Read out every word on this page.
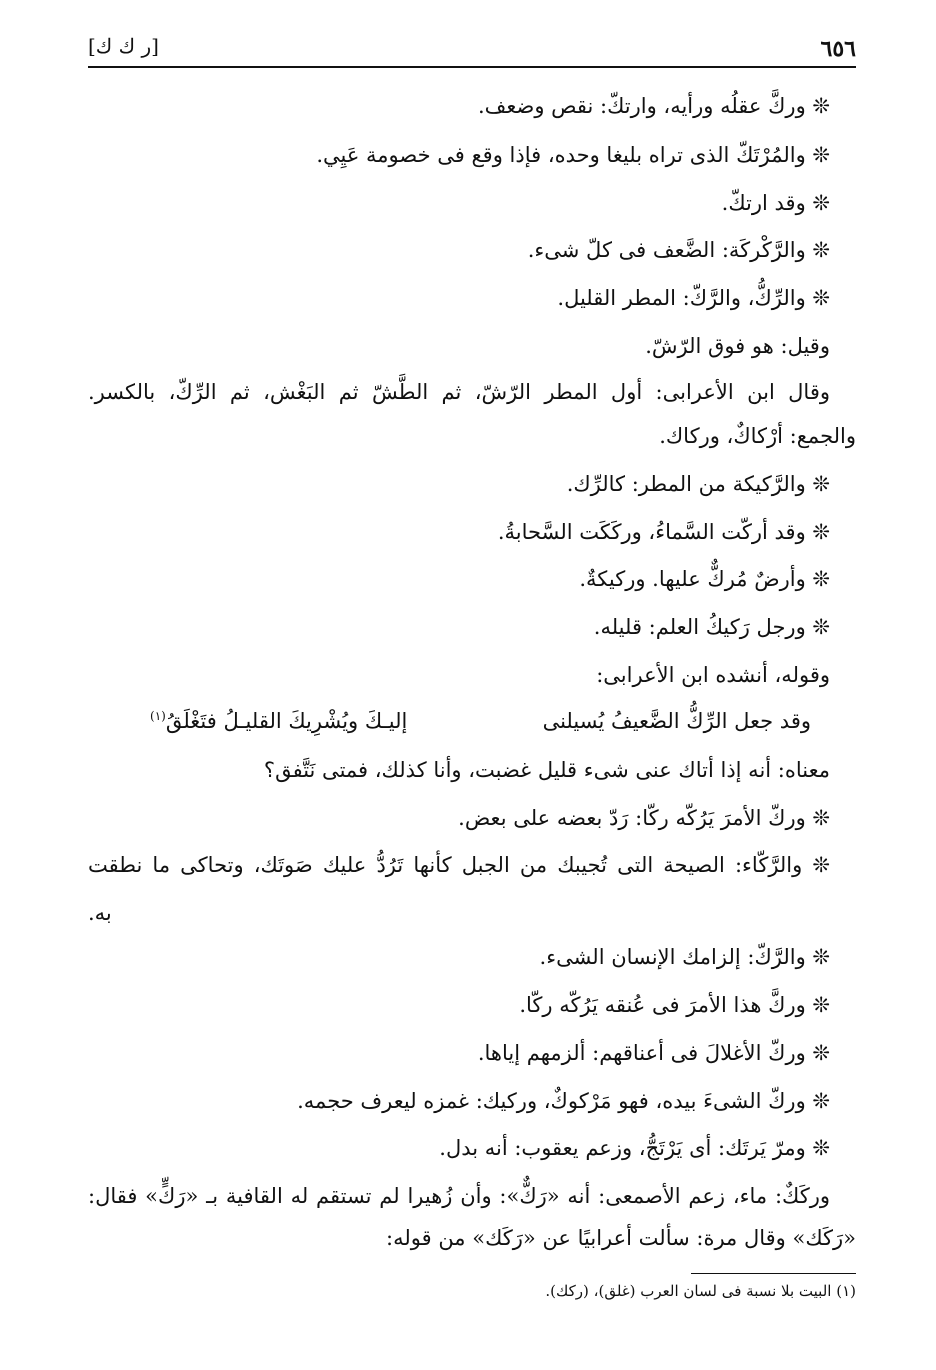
٦٥٦
[ر ك ك]
❊ وركَّ عقلُه ورأيه، وارتكّ: نقص وضعف.
❊ والمُرْتَكّ الذى تراه بليغا وحده، فإذا وقع فى خصومة عَيِي.
❊ وقد ارتكّ.
❊ والرَّكْركَة: الضَّعف فى كلّ شىء.
❊ والرِّكُّ، والرَّكّ: المطر القليل.
وقيل: هو فوق الرّشّ.
وقال ابن الأعرابى: أول المطر الرّشّ، ثم الطَّشّ ثم البَغْش، ثم الرِّكّ، بالكسر.
والجمع: أرْكاكٌ، وركاك.
❊ والرَّكيكة من المطر: كالرِّك.
❊ وقد أركّت السَّماءُ، وركَكَت السَّحابةُ.
❊ وأرضٌ مُركٌّ عليها. وركيكةٌ.
❊ ورجل رَكيكُ العلم: قليله.
وقوله، أنشده ابن الأعرابى:
وقد جعل الرِّكُّ الضَّعيفُ يُسيلنى
إليـكَ ويُشْرِيكَ القليـلُ فتَغْلَقُ$^{(١)}$
معناه: أنه إذا أتاك عنى شىء قليل غضبت، وأنا كذلك، فمتى نَتَّفق؟
❊ وركّ الأمرَ يَرُكّه ركّا: رَدّ بعضه على بعض.
❊ والرَّكّاء: الصيحة التى تُجيبك من الجبل كأنها تَرُدُّ عليك صَوتَك، وتحاكى ما نطقت
به.
❊ والرَّكّ: إلزامك الإنسان الشىء.
❊ وركَّ هذا الأمرَ فى عُنقه يَرُكّه ركّا.
❊ وركّ الأغلالَ فى أعناقهم: ألزمهم إياها.
❊ وركّ الشىءَ بيده، فهو مَرْكوكٌ، وركيك: غمزه ليعرف حجمه.
❊ ومرّ يَرتَك: أى يَرْتَجُّ، وزعم يعقوب: أنه بدل.
وركَكٌ: ماء، زعم الأصمعى: أنه «رَكٌّ»: وأن زُهيرا لم تستقم له القافية بـ «رَكٍّ» فقال:
«رَكَك» وقال مرة: سألت أعرابيًا عن «رَكَك» من قوله:
(١) البيت بلا نسبة فى لسان العرب (غلق)، (ركك).
